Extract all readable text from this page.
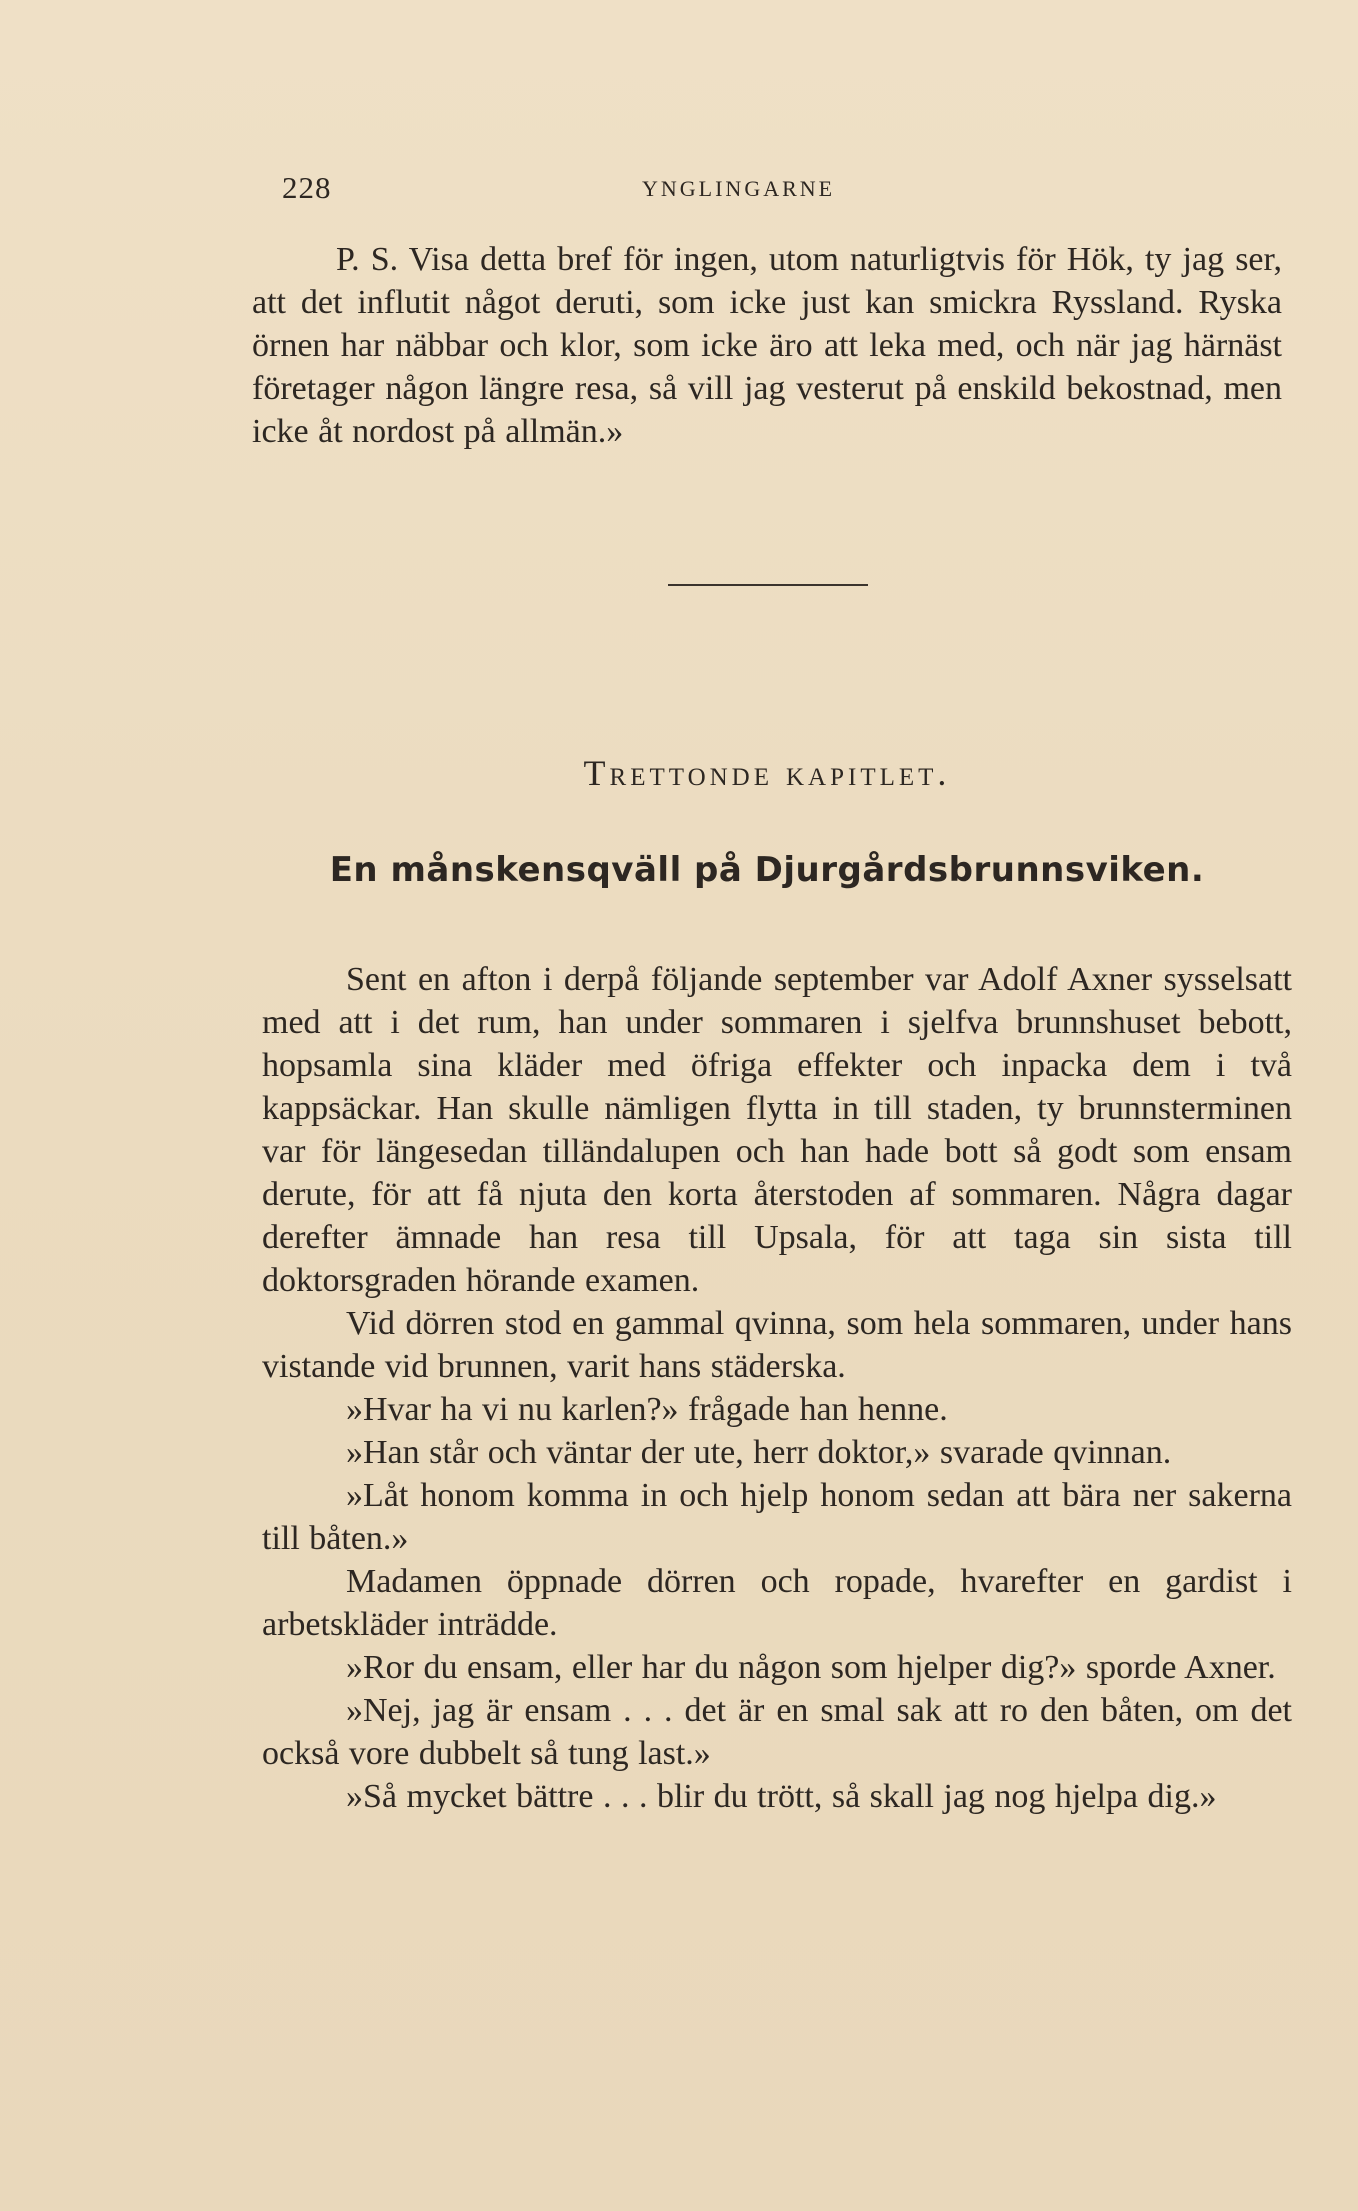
228	YNGLINGARNE

P. S. Visa detta bref för ingen, utom naturligtvis för Hök, ty jag ser, att det influtit något deruti, som icke just kan smickra Ryssland. Ryska örnen har näbbar och klor, som icke äro att leka med, och när jag härnäst företager någon längre resa, så vill jag vesterut på enskild bekostnad, men icke åt nordost på allmän.»

Trettonde kapitlet.
En månskensqväll på Djurgårdsbrunnsviken.

Sent en afton i derpå följande september var Adolf Axner sysselsatt med att i det rum, han under sommaren i sjelfva brunnshuset bebott, hopsamla sina kläder med öfriga effekter och inpacka dem i två kappsäckar. Han skulle nämligen flytta in till staden, ty brunnsterminen var för längesedan tilländalupen och han hade bott så godt som ensam derute, för att få njuta den korta återstoden af sommaren. Några dagar derefter ämnade han resa till Upsala, för att taga sin sista till doktorsgraden hörande examen.

Vid dörren stod en gammal qvinna, som hela sommaren, under hans vistande vid brunnen, varit hans städerska.

»Hvar ha vi nu karlen?» frågade han henne.

»Han står och väntar der ute, herr doktor,» svarade qvinnan.

»Låt honom komma in och hjelp honom sedan att bära ner sakerna till båten.»

Madamen öppnade dörren och ropade, hvarefter en gardist i arbetskläder inträdde.

»Ror du ensam, eller har du någon som hjelper dig?» sporde Axner.

»Nej, jag är ensam . . . det är en smal sak att ro den båten, om det också vore dubbelt så tung last.»

»Så mycket bättre . . . blir du trött, så skall jag nog hjelpa dig.»
